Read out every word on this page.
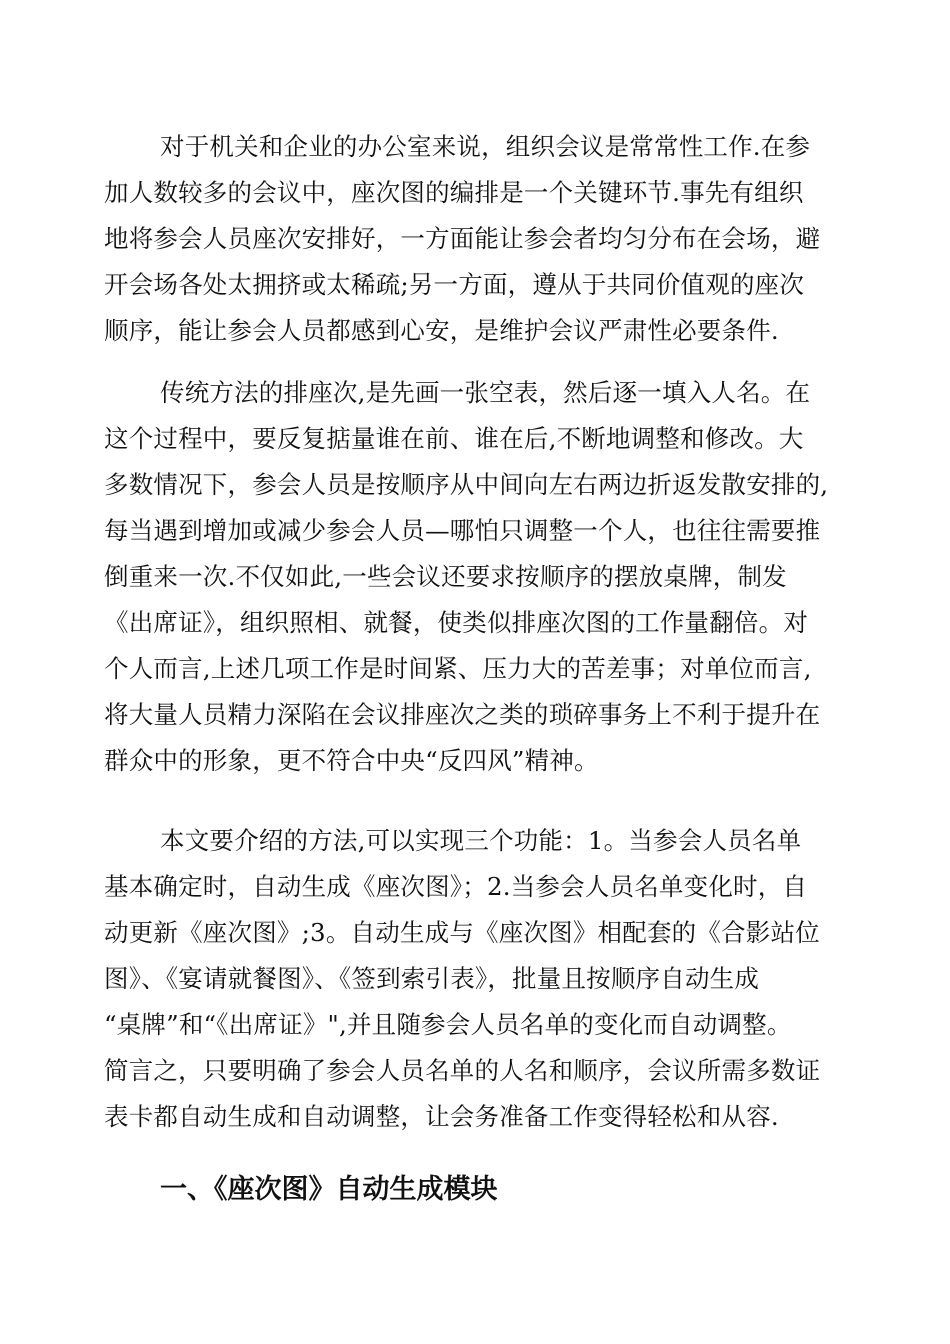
对于机关和企业的办公室来说，组织会议是常常性工作.在参
加人数较多的会议中，座次图的编排是一个关键环节.事先有组织
地将参会人员座次安排好，一方面能让参会者均匀分布在会场，避
开会场各处太拥挤或太稀疏;另一方面，遵从于共同价值观的座次
顺序，能让参会人员都感到心安，是维护会议严肃性必要条件.
传统方法的排座次,是先画一张空表，然后逐一填入人名。在
这个过程中，要反复掂量谁在前、谁在后,不断地调整和修改。大
多数情况下，参会人员是按顺序从中间向左右两边折返发散安排的,
每当遇到增加或减少参会人员—哪怕只调整一个人，也往往需要推
倒重来一次.不仅如此,一些会议还要求按顺序的摆放桌牌，制发
《出席证》，组织照相、就餐，使类似排座次图的工作量翻倍。对
个人而言,上述几项工作是时间紧、压力大的苦差事；对单位而言,
将大量人员精力深陷在会议排座次之类的琐碎事务上不利于提升在
群众中的形象，更不符合中央“反四风”精神。
本文要介绍的方法,可以实现三个功能：1。当参会人员名单
基本确定时，自动生成《座次图》；2.当参会人员名单变化时，自
动更新《座次图》;3。自动生成与《座次图》相配套的《合影站位
图》、《宴请就餐图》、《签到索引表》，批量且按顺序自动生成
“桌牌”和“《出席证》",并且随参会人员名单的变化而自动调整。
简言之，只要明确了参会人员名单的人名和顺序，会议所需多数证
表卡都自动生成和自动调整，让会务准备工作变得轻松和从容.
一、《座次图》自动生成模块
